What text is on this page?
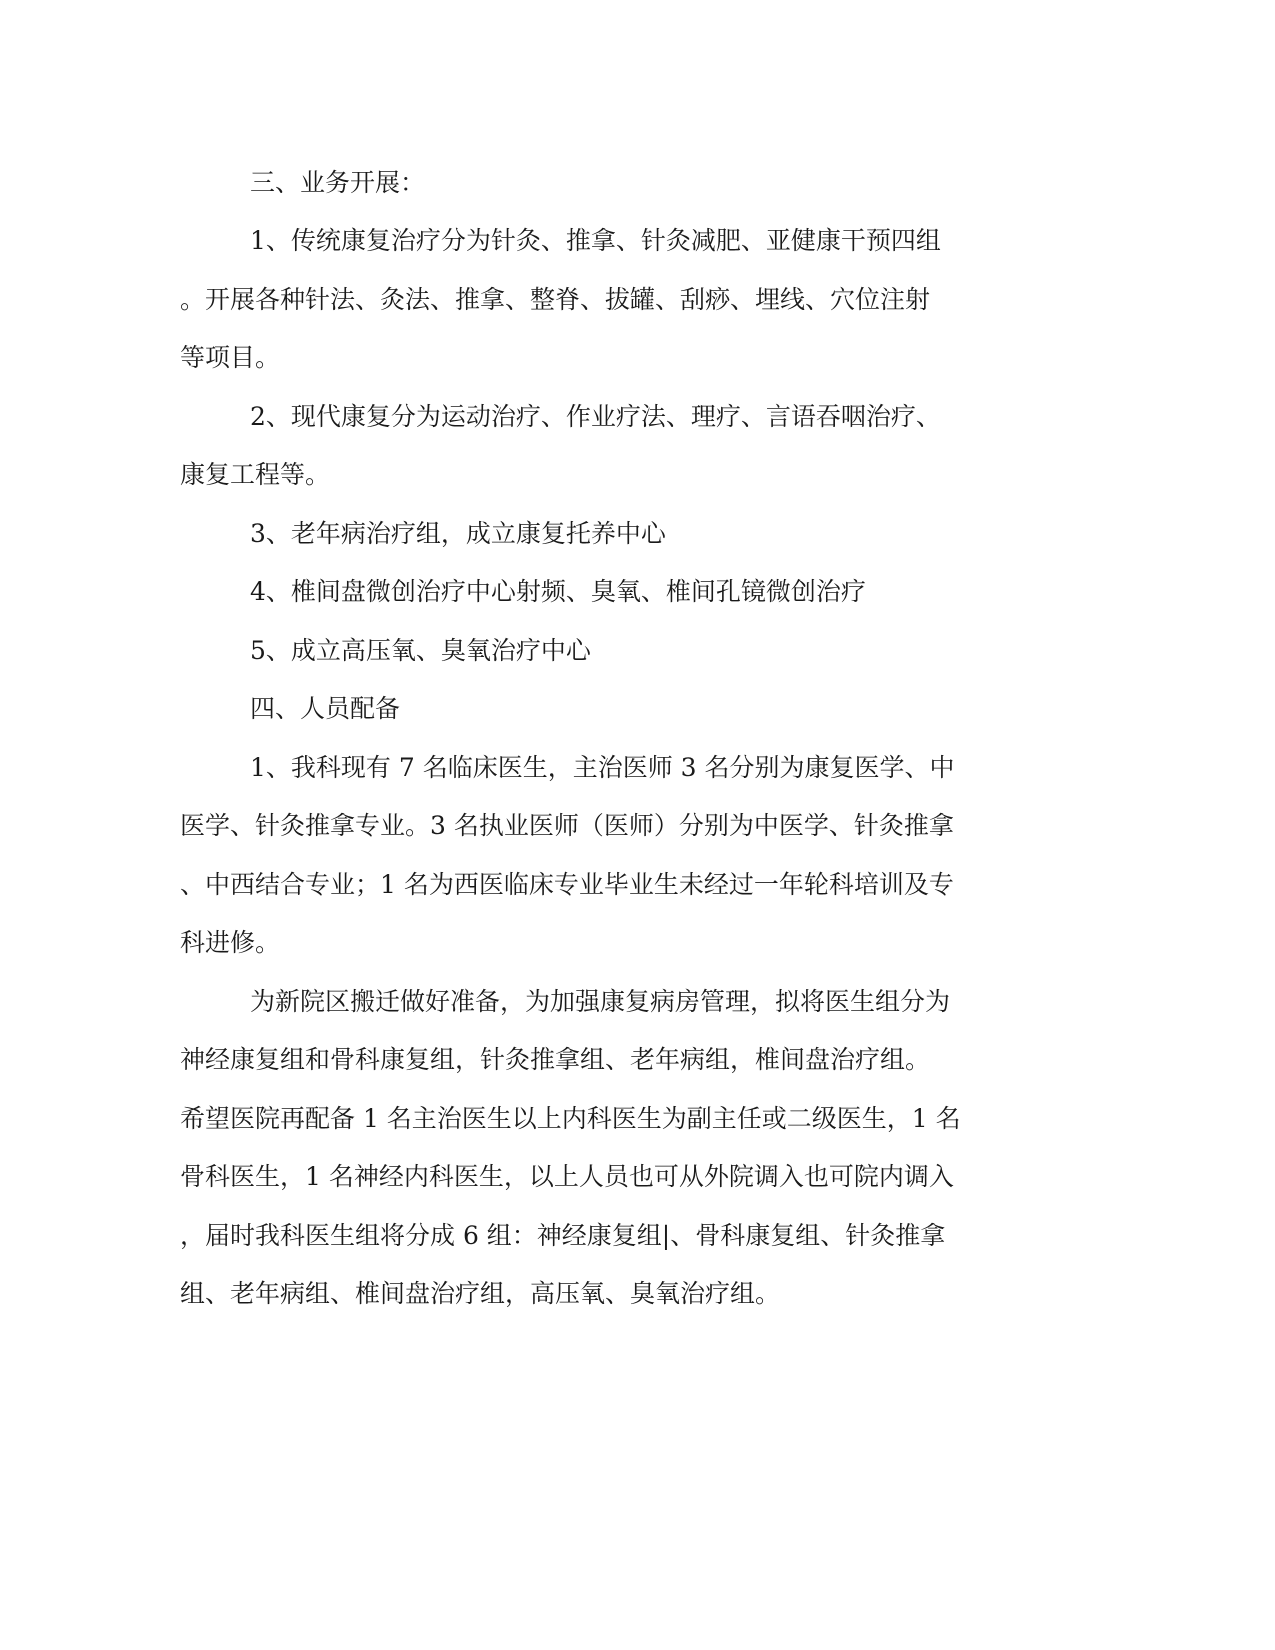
三、业务开展：
1、传统康复治疗分为针灸、推拿、针灸减肥、亚健康干预四组
。开展各种针法、灸法、推拿、整脊、拔罐、刮痧、埋线、穴位注射
等项目。
2、现代康复分为运动治疗、作业疗法、理疗、言语吞咽治疗、
康复工程等。
3、老年病治疗组，成立康复托养中心
4、椎间盘微创治疗中心射频、臭氧、椎间孔镜微创治疗
5、成立高压氧、臭氧治疗中心
四、人员配备
1、我科现有 7 名临床医生，主治医师 3 名分别为康复医学、中
医学、针灸推拿专业。3 名执业医师（医师）分别为中医学、针灸推拿
、中西结合专业；1 名为西医临床专业毕业生未经过一年轮科培训及专
科进修。
为新院区搬迁做好准备，为加强康复病房管理，拟将医生组分为
神经康复组和骨科康复组，针灸推拿组、老年病组，椎间盘治疗组。
希望医院再配备 1 名主治医生以上内科医生为副主任或二级医生，1 名
骨科医生，1 名神经内科医生，以上人员也可从外院调入也可院内调入
，届时我科医生组将分成 6 组：神经康复组|、骨科康复组、针灸推拿
组、老年病组、椎间盘治疗组，高压氧、臭氧治疗组。
